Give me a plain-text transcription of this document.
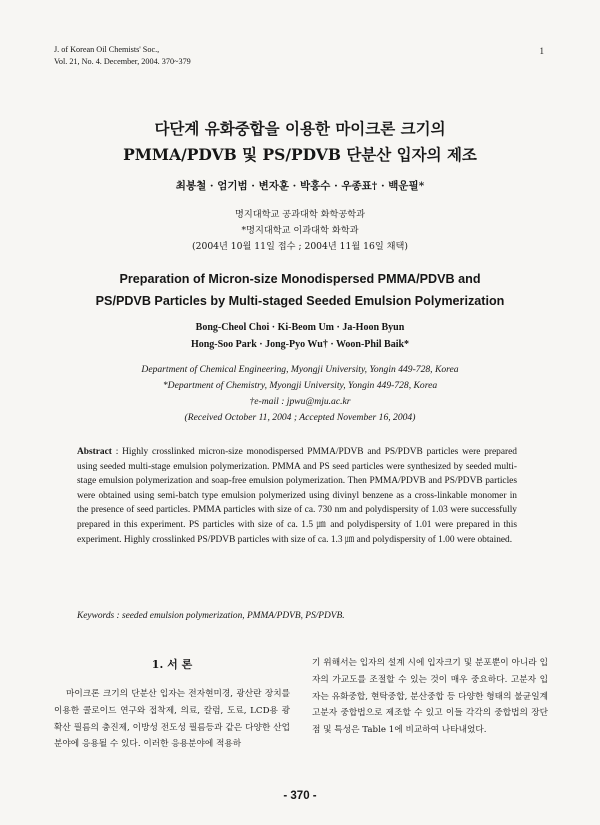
J. of Korean Oil Chemists' Soc.,
Vol. 21, No. 4. December, 2004. 370~379
1
다단계 유화중합을 이용한 마이크론 크기의
PMMA/PDVB 및 PS/PDVB 단분산 입자의 제조
최봉철 · 엄기범 · 변자훈 · 박홍수 · 우종표† · 백운필*
명지대학교 공과대학 화학공학과
*명지대학교 이과대학 화학과
(2004년 10월 11일 접수 ; 2004년 11월 16일 채택)
Preparation of Micron-size Monodispersed PMMA/PDVB and
PS/PDVB Particles by Multi-staged Seeded Emulsion Polymerization
Bong-Cheol Choi · Ki-Beom Um · Ja-Hoon Byun
Hong-Soo Park · Jong-Pyo Wu† · Woon-Phil Baik*
Department of Chemical Engineering, Myongji University, Yongin 449-728, Korea
*Department of Chemistry, Myongji University, Yongin 449-728, Korea
†e-mail : jpwu@mju.ac.kr
(Received October 11, 2004 ; Accepted November 16, 2004)
Abstract : Highly crosslinked micron-size monodispersed PMMA/PDVB and PS/PDVB particles were prepared using seeded multi-stage emulsion polymerization. PMMA and PS seed particles were synthesized by seeded multi-stage emulsion polymerization and soap-free emulsion polymerization. Then PMMA/PDVB and PS/PDVB particles were obtained using semi-batch type emulsion polymerized using divinyl benzene as a cross-linkable monomer in the presence of seed particles. PMMA particles with size of ca. 730 nm and polydispersity of 1.03 were successfully prepared in this experiment. PS particles with size of ca. 1.5 ㎛ and polydispersity of 1.01 were prepared in this experiment. Highly crosslinked PS/PDVB particles with size of ca. 1.3 ㎛ and polydispersity of 1.00 were obtained.
Keywords : seeded emulsion polymerization, PMMA/PDVB, PS/PDVB.
1. 서 론
마이크론 크기의 단분산 입자는 전자현미경, 광산란 장치를 이용한 콜로이드 연구와 접착제, 의료, 칼럼, 도료, LCD용 광확산 필름의 충진제, 이방성 전도성 필름등과 같은 다양한 산업분야에 응용될 수 있다. 이러한 응용분야에 적용하
기 위해서는 입자의 설계 시에 입자크기 및 분포뿐이 아니라 입자의 가교도를 조절할 수 있는 것이 매우 중요하다. 고분자 입자는 유화중합, 현탁중합, 분산중합 등 다양한 형태의 불균일계 고분자 중합법으로 제조할 수 있고 이들 각각의 중합법의 장단점 및 특성은 Table 1에 비교하여 나타내었다.
- 370 -
